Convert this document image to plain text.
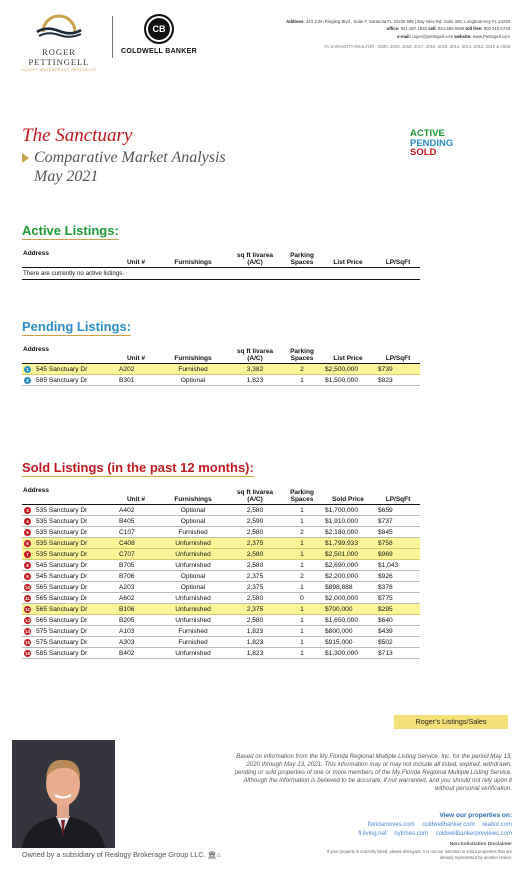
ROGER PETTINGELL
LUXURY WATERFRONT SPECIALIST
CB
COLDWELL BANKER
Address: 443 John Ringling Blvd., Suite F, Sarasota FL 34236 595 | Bay Isles Rd. Suite 250, Longboat Key FL 34228
office: 941.387.1840 cell: 941.586.6688 toll free: 800.910.6728
e-mail: roger@pettingell.com website: www.Pettingell.com
#1 SARASOTA REALTOR - 2020, 2019, 2018, 2017, 2016, 2015, 2014, 2013, 2012, 2010 & 2008
The Sanctuary
Comparative Market Analysis
May 2021
ACTIVE
PENDING
SOLD
Active Listings:
Address
Unit #	Furnishings
sq ft livarea
(A/C)
Parking
Spaces	List Price	LP/SqFt
There are currently no active listings.
Pending Listings:
Address
Unit #	Furnishings
sq ft livarea
(A/C)
Parking
Spaces	List Price	LP/SqFt
1	545 Sanctuary Dr	A202	Furnished	3,382	2	$2,500,000	$739
2	585 Sanctuary Dr	B301	Optional	1,823	1	$1,500,000	$823
Sold Listings (in the past 12 months):
Address
Unit #	Furnishings
sq ft livarea
(A/C)
Parking
Spaces	Sold Price	LP/SqFt
3	535 Sanctuary Dr	A402	Optional	2,580	1	$1,700,000	$659
4	535 Sanctuary Dr	B405	Optional	2,590	1	$1,910,000	$737
5	535 Sanctuary Dr	C107	Furnished	2,580	2	$2,180,000	$845
6	535 Sanctuary Dr	C408	Unfurnished	2,375	1	$1,799,933	$758
7	535 Sanctuary Dr	C707	Unfurnished	2,580	1	$2,501,000	$969
8	545 Sanctuary Dr	B705	Unfurnished	2,580	1	$2,690,000	$1,043
9	545 Sanctuary Dr	B706	Optional	2,375	2	$2,200,000	$926
10 565 Sanctuary Dr	A203	Optional	2,375	1	$898,888	$378
11 565 Sanctuary Dr	A602	Unfurnished	2,580	0	$2,000,000	$775
12 565 Sanctuary Dr	B106	Unfurnished	2,375	1	$700,000	$295
13 565 Sanctuary Dr	B205	Unfurnished	2,580	1	$1,650,000	$640
14 575 Sanctuary Dr	A103	Furnished	1,823	1	$800,000	$439
15 575 Sanctuary Dr	A303	Furnished	1,823	1	$915,000	$502
16 585 Sanctuary Dr	B402	Unfurnished	1,823	1	$1,300,000	$713
Roger's Listings/Sales
Based on information from the My Florida Regional Multiple Listing Service, Inc. for the period May 13, 2020 through May 13, 2021. This information may or may not include all listed, expired, withdrawn, pending or sold properties of one or more members of the My Florida Regional Multiple Listing Service. Although the information is believed to be accurate, if not warranted, and you should not rely upon it without personal verification.
View our properties on:
floridamoves.com coldwellbanker.com realtor.com
fl.living.net nytimes.com coldwellbankerpreviews.com
Non-Solicitation Disclaimer
If your property is currently listed, please disregard. It is not our intention to solicit properties that are already represented by another broker.
Owned by a subsidiary of Realogy Brokerage Group LLC. 🏛⌂
